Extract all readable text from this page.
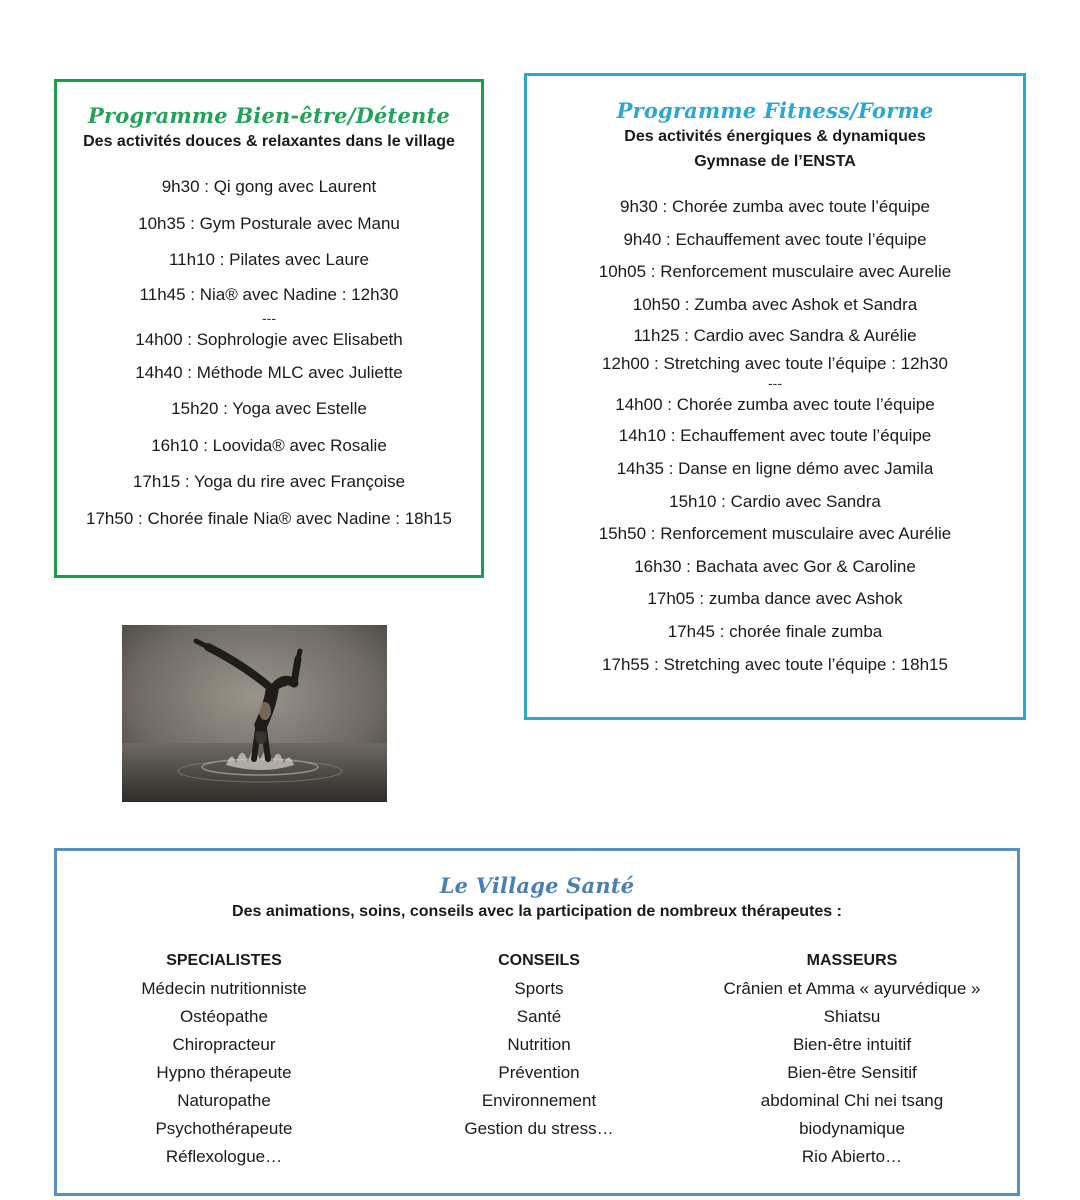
Programme Bien-être/Détente
Des activités douces & relaxantes dans le village
9h30 : Qi gong avec Laurent
10h35 : Gym Posturale avec Manu
11h10 : Pilates avec Laure
11h45 : Nia® avec Nadine : 12h30
---
14h00 : Sophrologie avec Elisabeth
14h40 : Méthode MLC avec Juliette
15h20 : Yoga avec Estelle
16h10 : Loovida® avec Rosalie
17h15 : Yoga du rire avec Françoise
17h50 : Chorée finale Nia® avec Nadine : 18h15
Programme Fitness/Forme
Des activités énergiques & dynamiques
Gymnase de l’ENSTA
9h30 : Chorée zumba avec toute l’équipe
9h40 : Echauffement avec toute l’équipe
10h05 : Renforcement musculaire avec Aurelie
10h50 : Zumba avec Ashok et Sandra
11h25 : Cardio avec Sandra & Aurélie
12h00 : Stretching avec toute l’équipe : 12h30
---
14h00 : Chorée zumba avec toute l’équipe
14h10 : Echauffement avec toute l’équipe
14h35 : Danse en ligne démo avec Jamila
15h10 : Cardio avec Sandra
15h50 : Renforcement musculaire avec Aurélie
16h30 : Bachata avec Gor & Caroline
17h05 : zumba dance avec Ashok
17h45 : chorée finale zumba
17h55 : Stretching avec toute l’équipe : 18h15
Le Village Santé
Des animations, soins, conseils avec la participation de nombreux thérapeutes :
SPECIALISTES
Médecin nutritionniste
Ostéopathe
Chiropracteur
Hypno thérapeute
Naturopathe
Psychothérapeute
Réflexologue…
CONSEILS
Sports
Santé
Nutrition
Prévention
Environnement
Gestion du stress…
MASSEURS
Crânien et Amma « ayurvédique »
Shiatsu
Bien-être intuitif
Bien-être Sensitif
abdominal Chi nei tsang
biodynamique
Rio Abierto…
